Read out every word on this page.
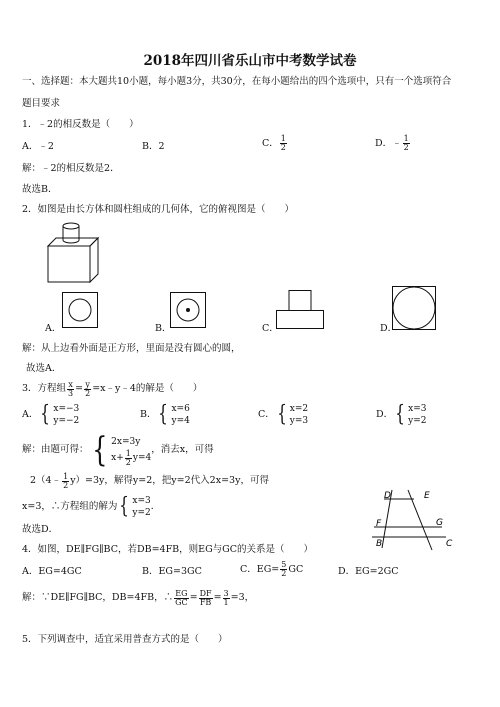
2018年四川省乐山市中考数学试卷
一、选择题：本大题共10小题，每小题3分，共30分，在每小题给出的四个选项中，只有一个选项符合
题目要求
1．﹣2的相反数是（　　）
A．﹣2	B．2	C． $\frac{1}{2}$	D．﹣ $\frac{1}{2}$
解：﹣2的相反数是2．
故选B．
2．如图是由长方体和圆柱组成的几何体，它的俯视图是（　　）
A．	B．	C．	D．
解：从上边看外面是正方形，里面是没有圆心的圆，
故选A．
3．方程组 $\frac{x}{3} = \frac{y}{2}$ =x﹣y﹣4的解是（　　）
A． { x=−3
y=−2
B． { x=6
y=4
C． { x=2
y=3
D． { x=3
y=2
解：由题可得： { 2x=3y
$x+ \frac{1}{2} y=4$
，消去x，可得
2（4﹣ $\frac{1}{2} y)=3y$，解得y=2，把y=2代入2x=3y，可得
x=3，∴方程组的解为 { x=3
y=2
．
故选D．
D	E
F	G
B	C
4．如图，DE∥FG∥BC，若DB=4FB，则EG与GC的关系是（　　）
A．EG=4GC	B．EG=3GC	C．$EG= \frac{5}{2}$ GC	D．EG=2GC
解：∵DE∥FG∥BC，DB=4FB，∴ $\frac{EG}{GC} = \frac{DF}{FB} = \frac{3}{1} =3$，
5．下列调查中，适宜采用普查方式的是（　　）
